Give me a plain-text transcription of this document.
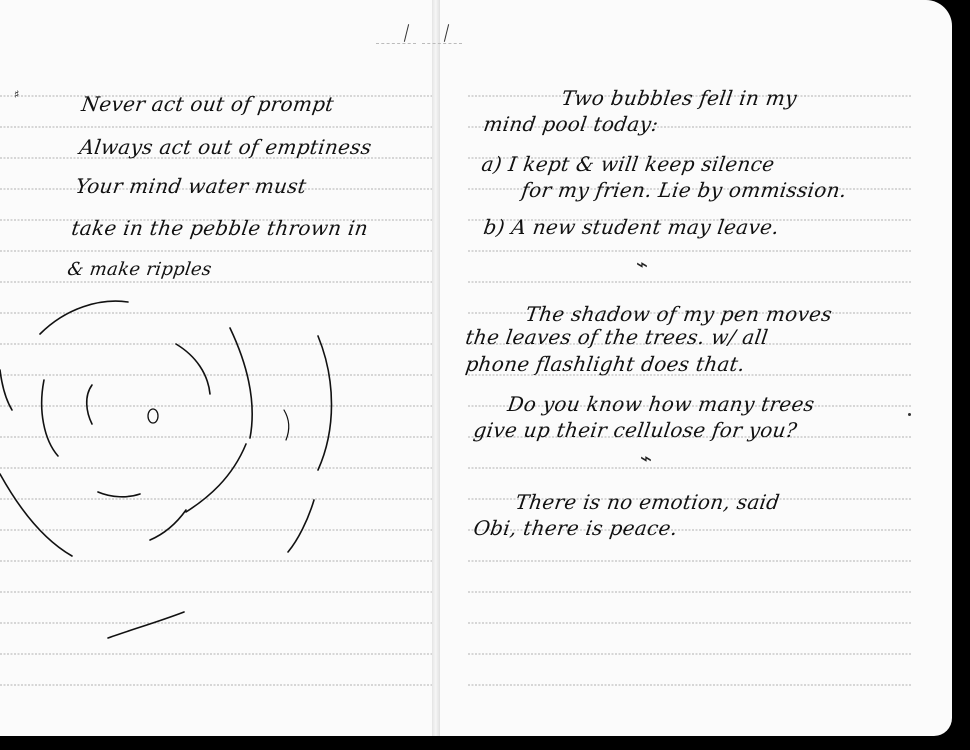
♯	Never act out of prompt
Always act out of emptiness
Your mind water must
take in the pebble thrown in
& make ripples
Two bubbles fell in my
mind pool today:
a) I kept & will keep silence
for my frien. Lie by ommission.
b) A new student may leave.
⌁
The shadow of my pen moves
the leaves of the trees. w/ all
phone flashlight does that.
Do you know how many trees
give up their cellulose for you?
⌁
There is no emotion, said
Obi, there is peace.
